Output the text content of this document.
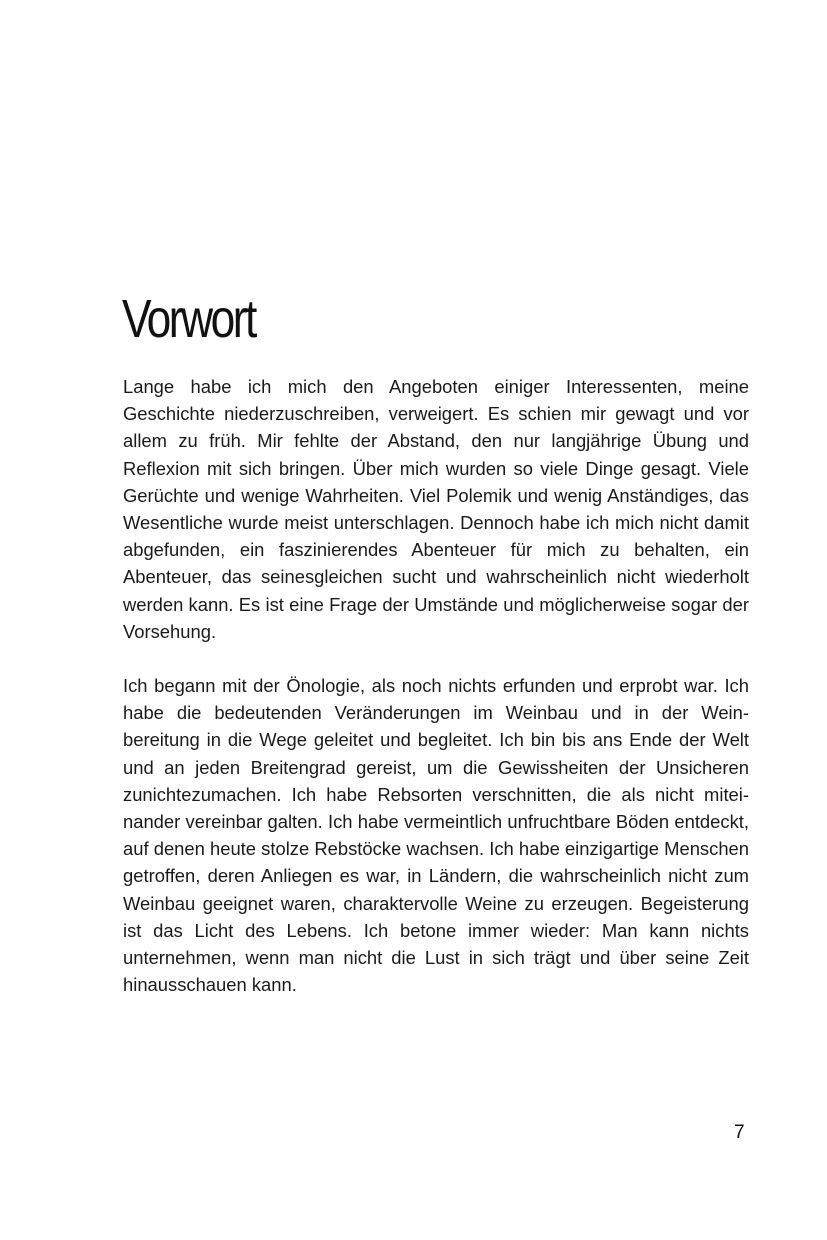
Vorwort

Lange habe ich mich den Angeboten einiger Interessenten, meine Geschichte niederzuschreiben, verweigert. Es schien mir gewagt und vor allem zu früh. Mir fehlte der Abstand, den nur langjährige Übung und Reflexion mit sich bringen. Über mich wurden so viele Dinge gesagt. Viele Gerüchte und wenige Wahrheiten. Viel Polemik und wenig Anständiges, das Wesentliche wurde meist unterschlagen. Dennoch habe ich mich nicht damit abgefunden, ein faszinierendes Abenteuer für mich zu behalten, ein Abenteuer, das seinesgleichen sucht und wahrscheinlich nicht wiederholt werden kann. Es ist eine Frage der Umstände und möglicherweise sogar der Vorsehung.

Ich begann mit der Önologie, als noch nichts erfunden und erprobt war. Ich habe die bedeutenden Veränderungen im Weinbau und in der Weinbereitung in die Wege geleitet und begleitet. Ich bin bis ans Ende der Welt und an jeden Breitengrad gereist, um die Gewissheiten der Unsicheren zunichtezumachen. Ich habe Rebsorten verschnitten, die als nicht miteinander vereinbar galten. Ich habe vermeintlich unfruchtbare Böden entdeckt, auf denen heute stolze Rebstöcke wachsen. Ich habe einzigartige Menschen getroffen, deren Anliegen es war, in Ländern, die wahrscheinlich nicht zum Weinbau geeignet waren, charaktervolle Weine zu erzeugen. Begeisterung ist das Licht des Lebens. Ich betone immer wieder: Man kann nichts unternehmen, wenn man nicht die Lust in sich trägt und über seine Zeit hinausschauen kann.

7
